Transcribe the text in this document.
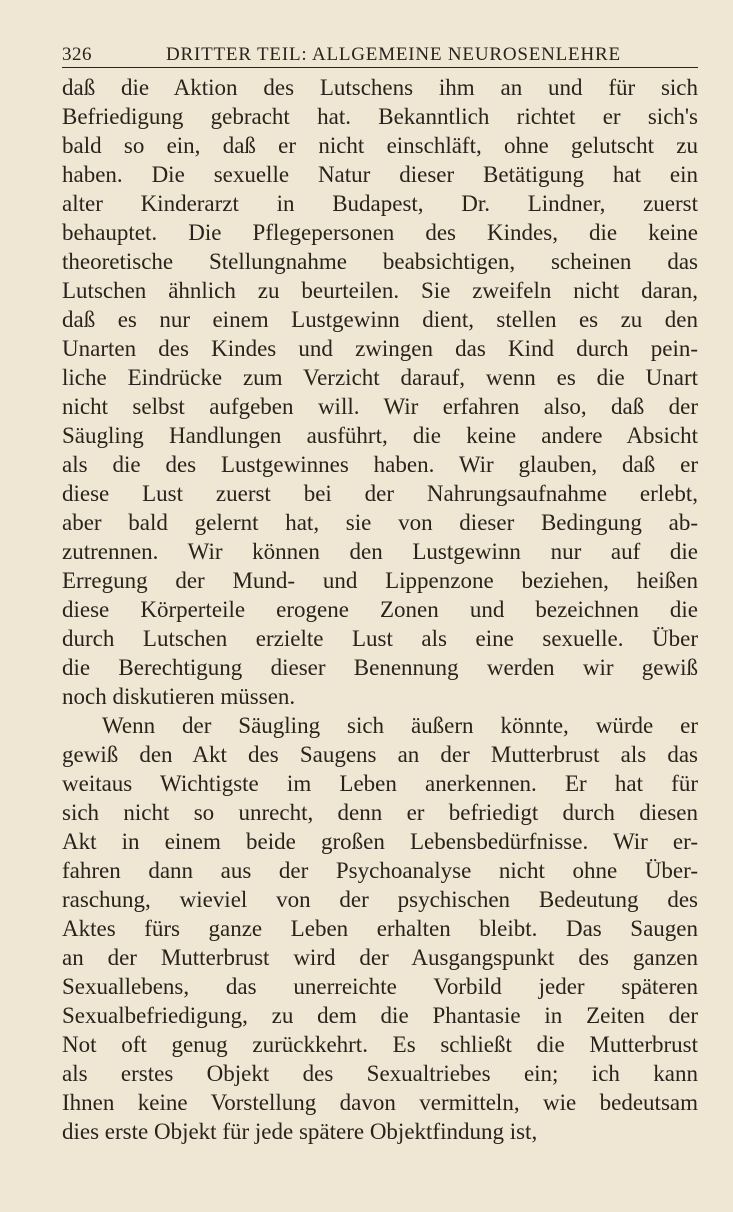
326	DRITTER TEIL: ALLGEMEINE NEUROSENLEHRE
daß die Aktion des Lutschens ihm an und für sich
Befriedigung gebracht hat. Bekanntlich richtet er sich's
bald so ein, daß er nicht einschläft, ohne gelutscht zu
haben. Die sexuelle Natur dieser Betätigung hat ein
alter Kinderarzt in Budapest, Dr. Lindner, zuerst
behauptet. Die Pflegepersonen des Kindes, die keine
theoretische Stellungnahme beabsichtigen, scheinen das
Lutschen ähnlich zu beurteilen. Sie zweifeln nicht daran,
daß es nur einem Lustgewinn dient, stellen es zu den
Unarten des Kindes und zwingen das Kind durch pein-
liche Eindrücke zum Verzicht darauf, wenn es die Unart
nicht selbst aufgeben will. Wir erfahren also, daß der
Säugling Handlungen ausführt, die keine andere Absicht
als die des Lustgewinnes haben. Wir glauben, daß er
diese Lust zuerst bei der Nahrungsaufnahme erlebt,
aber bald gelernt hat, sie von dieser Bedingung ab-
zutrennen. Wir können den Lustgewinn nur auf die
Erregung der Mund- und Lippenzone beziehen, heißen
diese Körperteile erogene Zonen und bezeichnen die
durch Lutschen erzielte Lust als eine sexuelle. Über
die Berechtigung dieser Benennung werden wir gewiß
noch diskutieren müssen.
Wenn der Säugling sich äußern könnte, würde er
gewiß den Akt des Saugens an der Mutterbrust als das
weitaus Wichtigste im Leben anerkennen. Er hat für
sich nicht so unrecht, denn er befriedigt durch diesen
Akt in einem beide großen Lebensbedürfnisse. Wir er-
fahren dann aus der Psychoanalyse nicht ohne Über-
raschung, wieviel von der psychischen Bedeutung des
Aktes fürs ganze Leben erhalten bleibt. Das Saugen
an der Mutterbrust wird der Ausgangspunkt des ganzen
Sexuallebens, das unerreichte Vorbild jeder späteren
Sexualbefriedigung, zu dem die Phantasie in Zeiten der
Not oft genug zurückkehrt. Es schließt die Mutterbrust
als erstes Objekt des Sexualtriebes ein; ich kann
Ihnen keine Vorstellung davon vermitteln, wie bedeutsam
dies erste Objekt für jede spätere Objektfindung ist,
